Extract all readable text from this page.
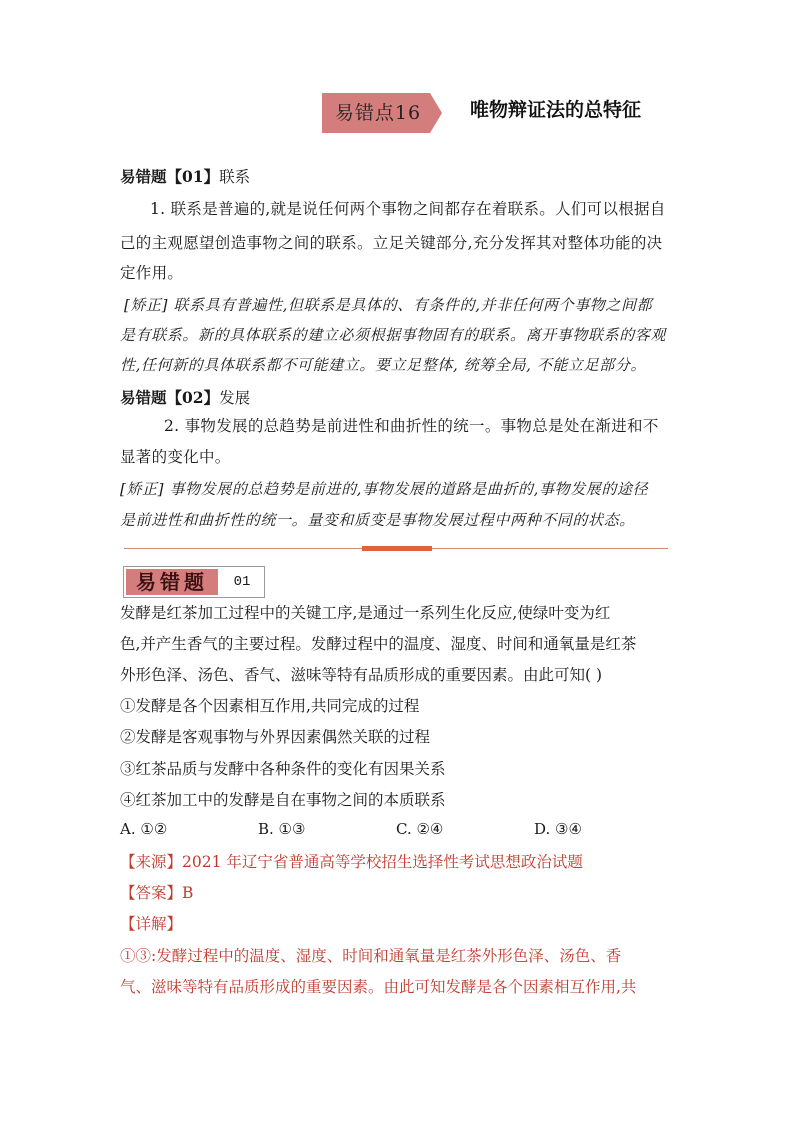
易错点16	唯物辩证法的总特征
易错题【01】联系
1. 联系是普遍的,就是说任何两个事物之间都存在着联系。人们可以根据自
己的主观愿望创造事物之间的联系。立足关键部分,充分发挥其对整体功能的决
定作用。
[矫正] 联系具有普遍性,但联系是具体的、有条件的,并非任何两个事物之间都
是有联系。新的具体联系的建立必须根据事物固有的联系。离开事物联系的客观
性,任何新的具体联系都不可能建立。要立足整体, 统筹全局, 不能立足部分。
易错题【02】发展
2. 事物发展的总趋势是前进性和曲折性的统一。事物总是处在渐进和不
显著的变化中。
[矫正] 事物发展的总趋势是前进的,事物发展的道路是曲折的,事物发展的途径
是前进性和曲折性的统一。量变和质变是事物发展过程中两种不同的状态。
易错题	01
发酵是红茶加工过程中的关键工序,是通过一系列生化反应,使绿叶变为红
色,并产生香气的主要过程。发酵过程中的温度、湿度、时间和通氧量是红茶
外形色泽、汤色、香气、滋味等特有品质形成的重要因素。由此可知( )
①发酵是各个因素相互作用,共同完成的过程
②发酵是客观事物与外界因素偶然关联的过程
③红茶品质与发酵中各种条件的变化有因果关系
④红茶加工中的发酵是自在事物之间的本质联系
A. ①②	B. ①③	C. ②④	D. ③④
【来源】2021 年辽宁省普通高等学校招生选择性考试思想政治试题
【答案】B
【详解】
①③:发酵过程中的温度、湿度、时间和通氧量是红茶外形色泽、汤色、香
气、滋味等特有品质形成的重要因素。由此可知发酵是各个因素相互作用,共
